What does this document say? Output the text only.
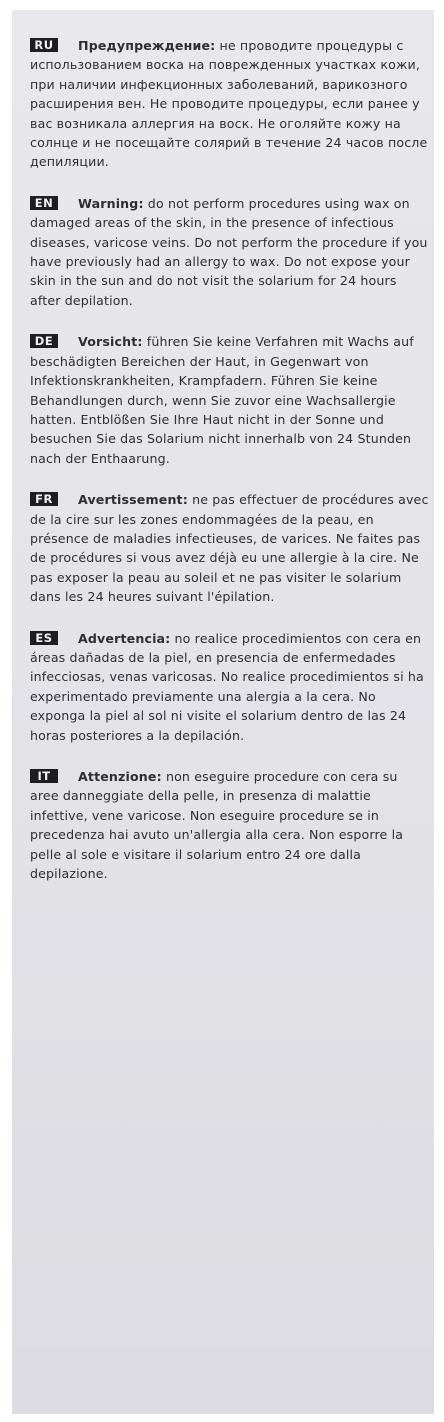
RU Предупреждение: не проводите процедуры с использованием воска на поврежденных участках кожи, при наличии инфекционных заболеваний, варикозного расширения вен. Не проводите процедуры, если ранее у вас возникала аллергия на воск. Не оголяйте кожу на солнце и не посещайте солярий в течение 24 часов после депиляции.

EN Warning: do not perform procedures using wax on damaged areas of the skin, in the presence of infectious diseases, varicose veins. Do not perform the procedure if you have previously had an allergy to wax. Do not expose your skin in the sun and do not visit the solarium for 24 hours after depilation.

DE Vorsicht: führen Sie keine Verfahren mit Wachs auf beschädigten Bereichen der Haut, in Gegenwart von Infektionskrankheiten, Krampfadern. Führen Sie keine Behandlungen durch, wenn Sie zuvor eine Wachsallergie hatten. Entblößen Sie Ihre Haut nicht in der Sonne und besuchen Sie das Solarium nicht innerhalb von 24 Stunden nach der Enthaarung.

FR Avertissement: ne pas effectuer de procédures avec de la cire sur les zones endommagées de la peau, en présence de maladies infectieuses, de varices. Ne faites pas de procédures si vous avez déjà eu une allergie à la cire. Ne pas exposer la peau au soleil et ne pas visiter le solarium dans les 24 heures suivant l'épilation.

ES Advertencia: no realice procedimientos con cera en áreas dañadas de la piel, en presencia de enfermedades infecciosas, venas varicosas. No realice procedimientos si ha experimentado previamente una alergia a la cera. No exponga la piel al sol ni visite el solarium dentro de las 24 horas posteriores a la depilación.

IT Attenzione: non eseguire procedure con cera su aree danneggiate della pelle, in presenza di malattie infettive, vene varicose. Non eseguire procedure se in precedenza hai avuto un'allergia alla cera. Non esporre la pelle al sole e visitare il solarium entro 24 ore dalla depilazione.
